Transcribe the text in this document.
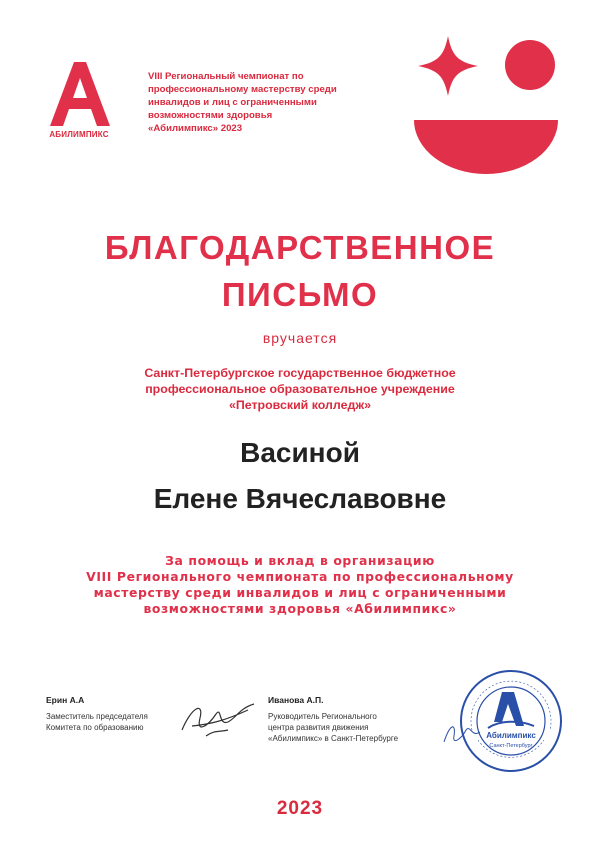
АБИЛИМПИКС
VIII Региональный чемпионат по профессиональному мастерству среди инвалидов и лиц с ограниченными возможностями здоровья «Абилимпикс» 2023
БЛАГОДАРСТВЕННОЕ
ПИСЬМО
вручается
Санкт-Петербургское государственное бюджетное
профессиональное образовательное учреждение
«Петровский колледж»
Васиной
Елене Вячеславовне
За помощь и вклад в организацию
VIII Регионального чемпионата по профессиональному
мастерству среди инвалидов и лиц с ограниченными
возможностями здоровья «Абилимпикс»
Ерин А.А
Заместитель председателя
Комитета по образованию
Иванова А.П.
Руководитель Регионального
центра развития движения
«Абилимпикс» в Санкт-Петербурге	Абилимпикс
Санкт-Петербург
2023
